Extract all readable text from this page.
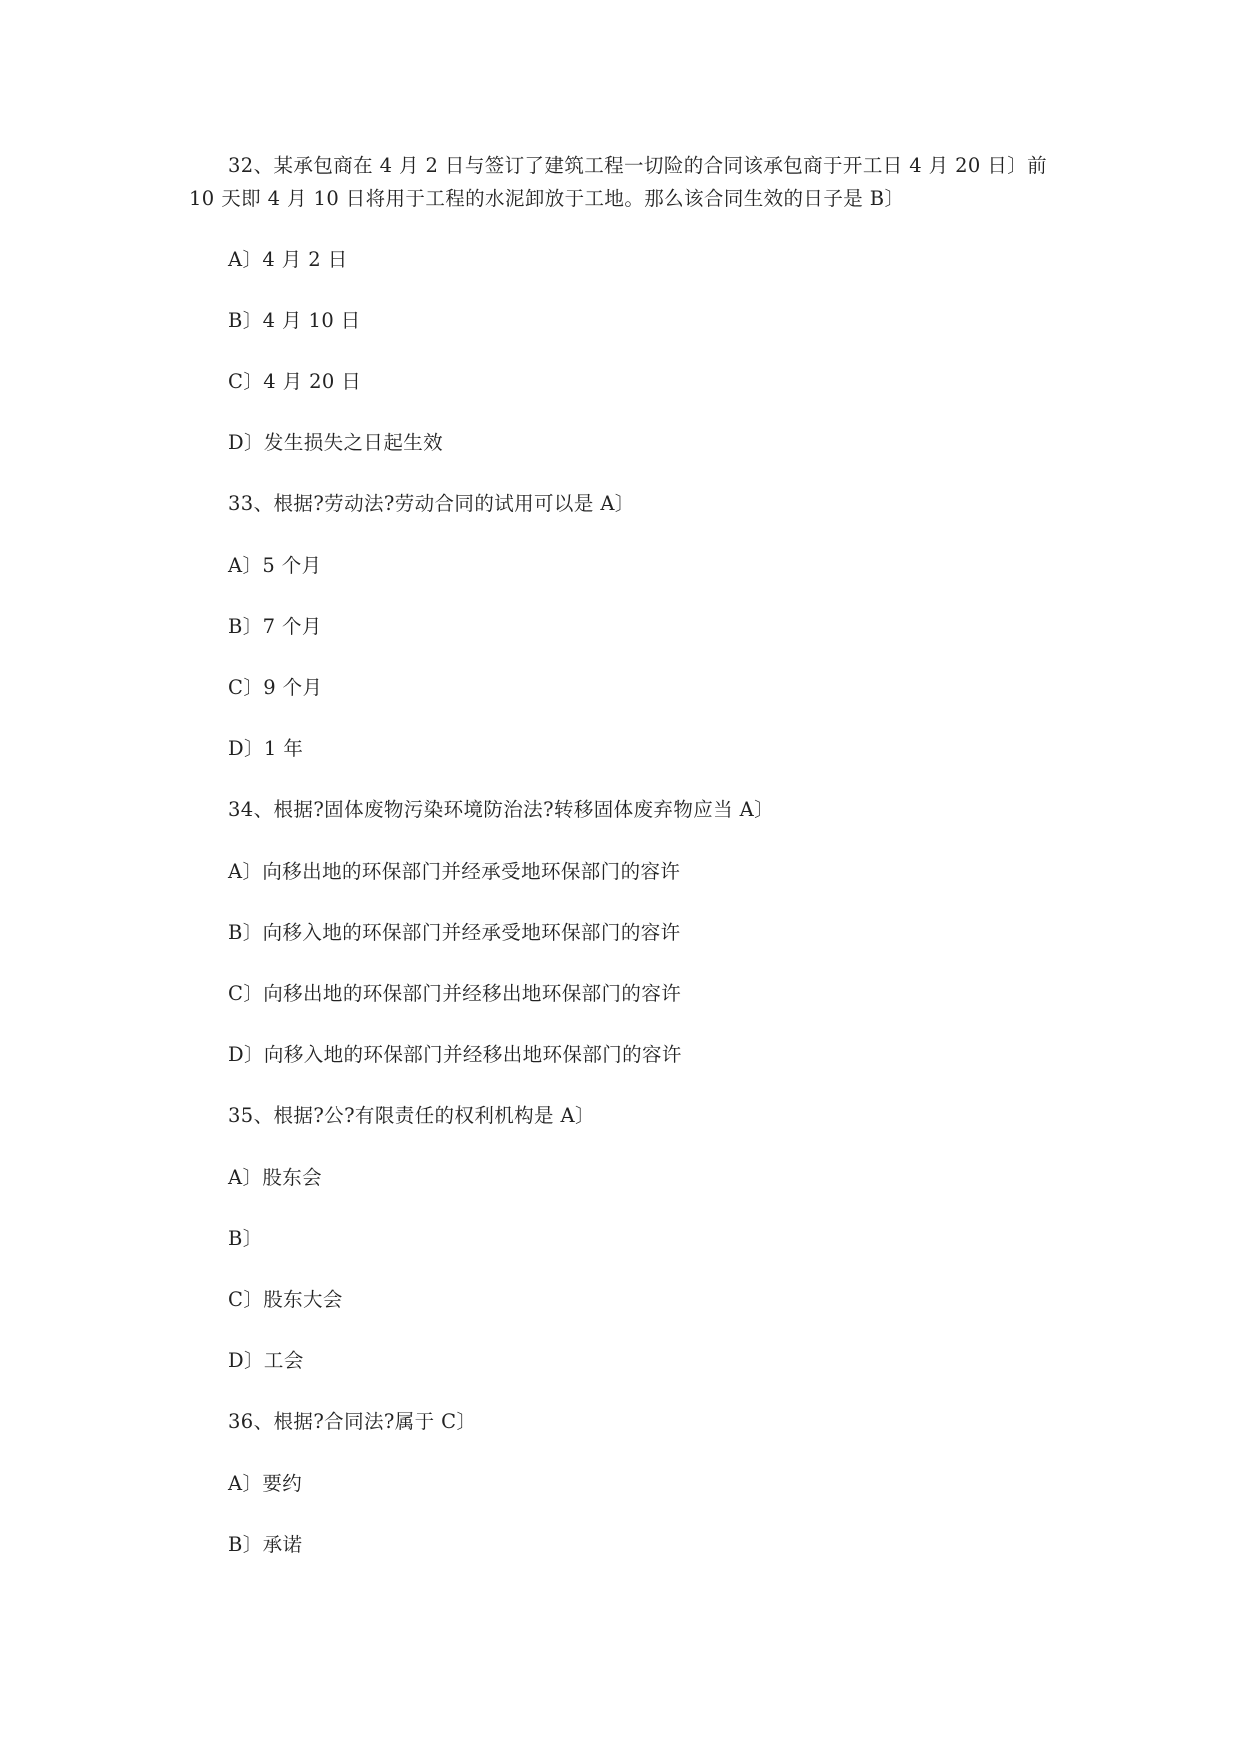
32、某承包商在 4 月 2 日与签订了建筑工程一切险的合同该承包商于开工日 4 月 20 日〕前
10 天即 4 月 10 日将用于工程的水泥卸放于工地。那么该合同生效的日子是 B〕
A〕4 月 2 日
B〕4 月 10 日
C〕4 月 20 日
D〕发生损失之日起生效
33、根据?劳动法?劳动合同的试用可以是 A〕
A〕5 个月
B〕7 个月
C〕9 个月
D〕1 年
34、根据?固体废物污染环境防治法?转移固体废弃物应当 A〕
A〕向移出地的环保部门并经承受地环保部门的容许
B〕向移入地的环保部门并经承受地环保部门的容许
C〕向移出地的环保部门并经移出地环保部门的容许
D〕向移入地的环保部门并经移出地环保部门的容许
35、根据?公?有限责任的权利机构是 A〕
A〕股东会
B〕
C〕股东大会
D〕工会
36、根据?合同法?属于 C〕
A〕要约
B〕承诺
